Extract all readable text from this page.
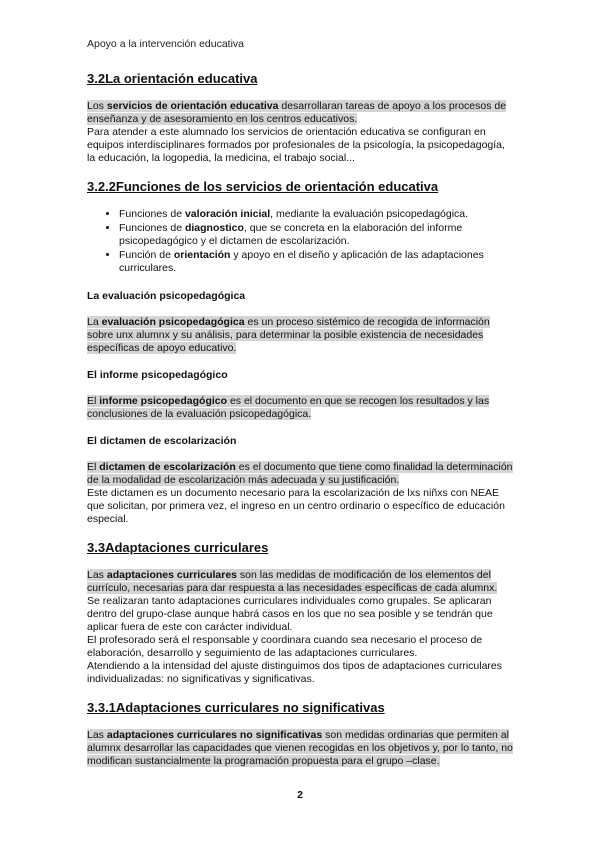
Apoyo a la intervención educativa
3.2La orientación educativa

Los servicios de orientación educativa desarrollaran tareas de apoyo a los procesos de enseñanza y de asesoramiento en los centros educativos.

Para atender a este alumnado los servicios de orientación educativa se configuran en equipos interdisciplinares formados por profesionales de la psicología, la psicopedagogía, la educación, la logopedia, la medicina, el trabajo social...

3.2.2Funciones de los servicios de orientación educativa
• Funciones de valoración inicial, mediante la evaluación psicopedagógica.
• Funciones de diagnostico, que se concreta en la elaboración del informe psicopedagógico y el dictamen de escolarización.
• Función de orientación y apoyo en el diseño y aplicación de las adaptaciones curriculares.
La evaluación psicopedagógica

La evaluación psicopedagógica es un proceso sistémico de recogida de información sobre unx alumnx y su análisis, para determinar la posible existencia de necesidades específicas de apoyo educativo.

El informe psicopedagógico

El informe psicopedagógico es el documento en que se recogen los resultados y las conclusiones de la evaluación psicopedagógica.

El dictamen de escolarización

El dictamen de escolarización es el documento que tiene como finalidad la determinación de la modalidad de escolarización más adecuada y su justificación.

Este dictamen es un documento necesario para la escolarización de lxs niñxs con NEAE que solicitan, por primera vez, el ingreso en un centro ordinario o específico de educación especial.

3.3Adaptaciones curriculares

Las adaptaciones curriculares son las medidas de modificación de los elementos del currículo, necesarias para dar respuesta a las necesidades específicas de cada alumnx.

Se realizaran tanto adaptaciones curriculares individuales como grupales. Se aplicaran dentro del grupo-clase aunque habrá casos en los que no sea posible y se tendrán que aplicar fuera de este con carácter individual.

El profesorado será el responsable y coordinara cuando sea necesario el proceso de elaboración, desarrollo y seguimiento de las adaptaciones curriculares.

Atendiendo a la intensidad del ajuste distinguimos dos tipos de adaptaciones curriculares individualizadas: no significativas y significativas.

3.3.1Adaptaciones curriculares no significativas

Las adaptaciones curriculares no significativas son medidas ordinarias que permiten al alumnx desarrollar las capacidades que vienen recogidas en los objetivos y, por lo tanto, no modifican sustancialmente la programación propuesta para el grupo –clase.

2
